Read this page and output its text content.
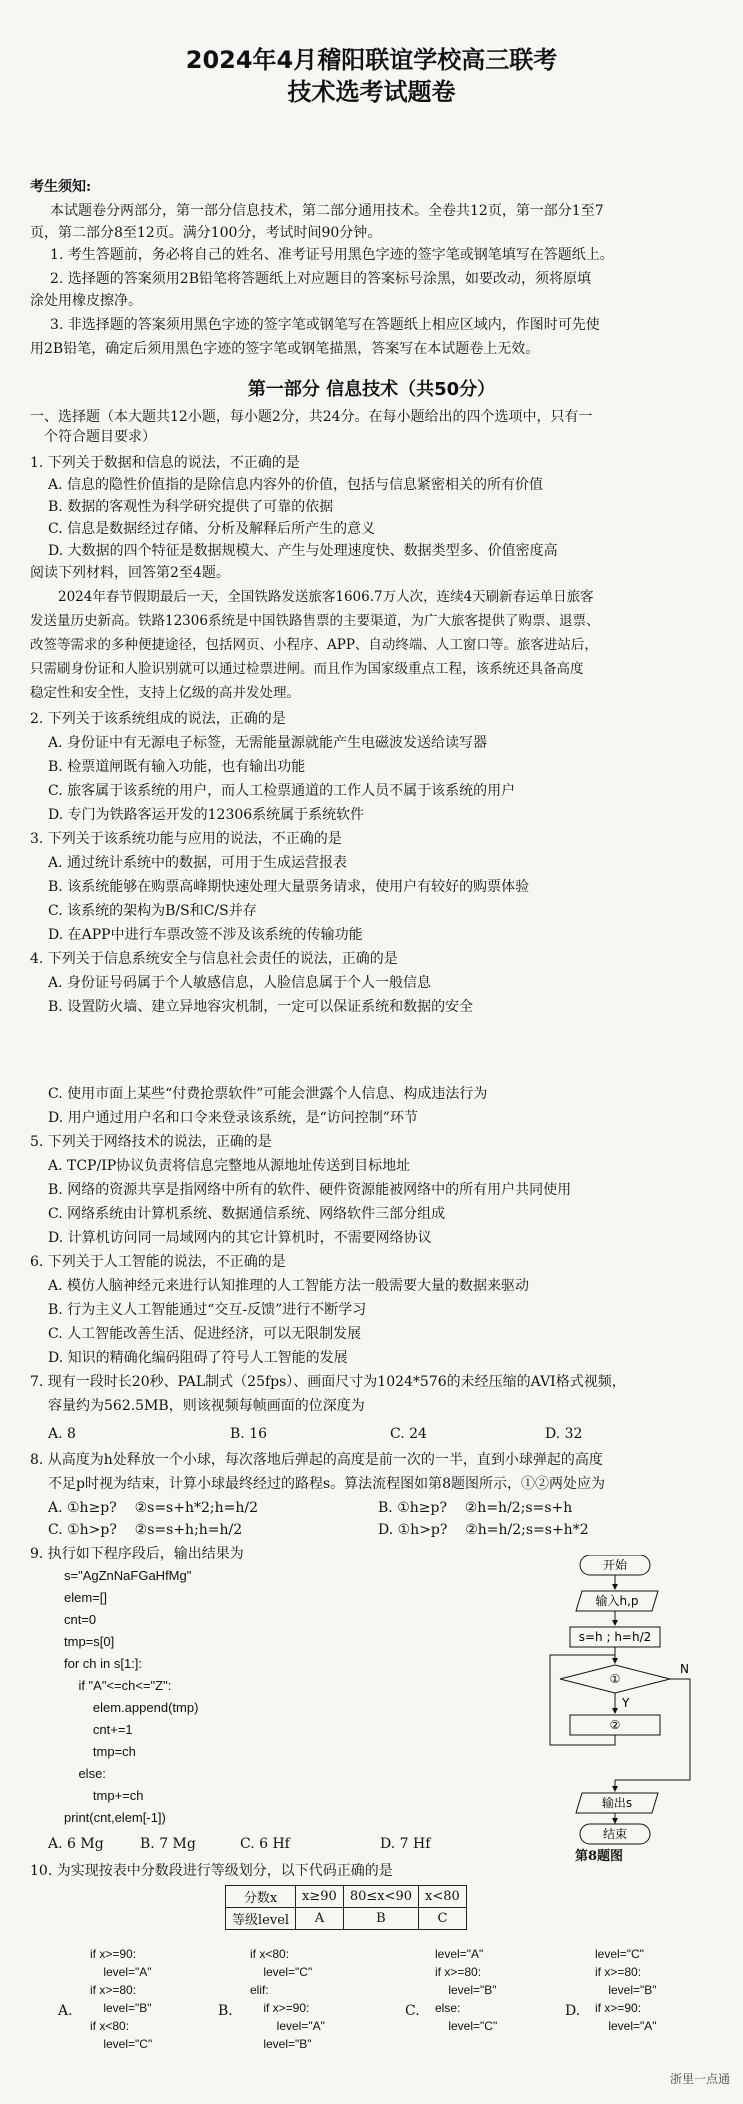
2024年4月稽阳联谊学校高三联考
技术选考试题卷
考生须知:
本试题卷分两部分，第一部分信息技术，第二部分通用技术。全卷共12页，第一部分1至7
页，第二部分8至12页。满分100分，考试时间90分钟。
1. 考生答题前，务必将自己的姓名、准考证号用黑色字迹的签字笔或钢笔填写在答题纸上。
2. 选择题的答案须用2B铅笔将答题纸上对应题目的答案标号涂黑，如要改动，须将原填
涂处用橡皮擦净。
3. 非选择题的答案须用黑色字迹的签字笔或钢笔写在答题纸上相应区域内，作图时可先使
用2B铅笔，确定后须用黑色字迹的签字笔或钢笔描黑，答案写在本试题卷上无效。
第一部分 信息技术（共50分）
一、选择题（本大题共12小题，每小题2分，共24分。在每小题给出的四个选项中，只有一
个符合题目要求）
1. 下列关于数据和信息的说法，不正确的是
A. 信息的隐性价值指的是除信息内容外的价值，包括与信息紧密相关的所有价值
B. 数据的客观性为科学研究提供了可靠的依据
C. 信息是数据经过存储、分析及解释后所产生的意义
D. 大数据的四个特征是数据规模大、产生与处理速度快、数据类型多、价值密度高
阅读下列材料，回答第2至4题。
2024年春节假期最后一天，全国铁路发送旅客1606.7万人次，连续4天刷新春运单日旅客
发送量历史新高。铁路12306系统是中国铁路售票的主要渠道，为广大旅客提供了购票、退票、
改签等需求的多种便捷途径，包括网页、小程序、APP、自动终端、人工窗口等。旅客进站后，
只需刷身份证和人脸识别就可以通过检票进闸。而且作为国家级重点工程，该系统还具备高度
稳定性和安全性，支持上亿级的高并发处理。
2. 下列关于该系统组成的说法，正确的是
A. 身份证中有无源电子标签，无需能量源就能产生电磁波发送给读写器
B. 检票道闸既有输入功能，也有输出功能
C. 旅客属于该系统的用户，而人工检票通道的工作人员不属于该系统的用户
D. 专门为铁路客运开发的12306系统属于系统软件
3. 下列关于该系统功能与应用的说法，不正确的是
A. 通过统计系统中的数据，可用于生成运营报表
B. 该系统能够在购票高峰期快速处理大量票务请求，使用户有较好的购票体验
C. 该系统的架构为B/S和C/S并存
D. 在APP中进行车票改签不涉及该系统的传输功能
4. 下列关于信息系统安全与信息社会责任的说法，正确的是
A. 身份证号码属于个人敏感信息，人脸信息属于个人一般信息
B. 设置防火墙、建立异地容灾机制，一定可以保证系统和数据的安全
C. 使用市面上某些“付费抢票软件”可能会泄露个人信息、构成违法行为
D. 用户通过用户名和口令来登录该系统，是“访问控制”环节
5. 下列关于网络技术的说法，正确的是
A. TCP/IP协议负责将信息完整地从源地址传送到目标地址
B. 网络的资源共享是指网络中所有的软件、硬件资源能被网络中的所有用户共同使用
C. 网络系统由计算机系统、数据通信系统、网络软件三部分组成
D. 计算机访问同一局域网内的其它计算机时，不需要网络协议
6. 下列关于人工智能的说法，不正确的是
A. 模仿人脑神经元来进行认知推理的人工智能方法一般需要大量的数据来驱动
B. 行为主义人工智能通过“交互-反馈”进行不断学习
C. 人工智能改善生活、促进经济，可以无限制发展
D. 知识的精确化编码阻碍了符号人工智能的发展
7. 现有一段时长20秒、PAL制式（25fps）、画面尺寸为1024*576的未经压缩的AVI格式视频，
容量约为562.5MB，则该视频每帧画面的位深度为
A. 8	B. 16	C. 24	D. 32
8. 从高度为h处释放一个小球，每次落地后弹起的高度是前一次的一半，直到小球弹起的高度
不足p时视为结束，计算小球最终经过的路程s。算法流程图如第8题图所示，①②两处应为
A. ①h≥p?    ②s=s+h*2;h=h/2	B. ①h≥p?    ②h=h/2;s=s+h
C. ①h>p?    ②s=s+h;h=h/2	D. ①h>p?    ②h=h/2;s=s+h*2
9. 执行如下程序段后，输出结果为
s="AgZnNaFGaHfMg"
elem=[]
cnt=0
tmp=s[0]
for ch in s[1:]:
if "A"<=ch<="Z":
elem.append(tmp)
cnt+=1
tmp=ch
else:
tmp+=ch
print(cnt,elem[-1])
A. 6 Mg	B. 7 Mg	C. 6 Hf	D. 7 Hf
开始
输入h,p
s=h ; h=h/2
①
N
Y
②
输出s
结束
第8题图
10. 为实现按表中分数段进行等级划分，以下代码正确的是
分数x	x≥90	80≤x<90	x<80
等级level	A	B	C
A.
if x>=90:
level="A"
if x>=80:
level="B"
if x<80:
level="C"
B.
if x<80:
level="C"
elif:
if x>=90:
level="A"
level="B"
C.
level="A"
if x>=80:
level="B"
else:
level="C"
D.
level="C"
if x>=80:
level="B"
if x>=90:
level="A"
浙里一点通
